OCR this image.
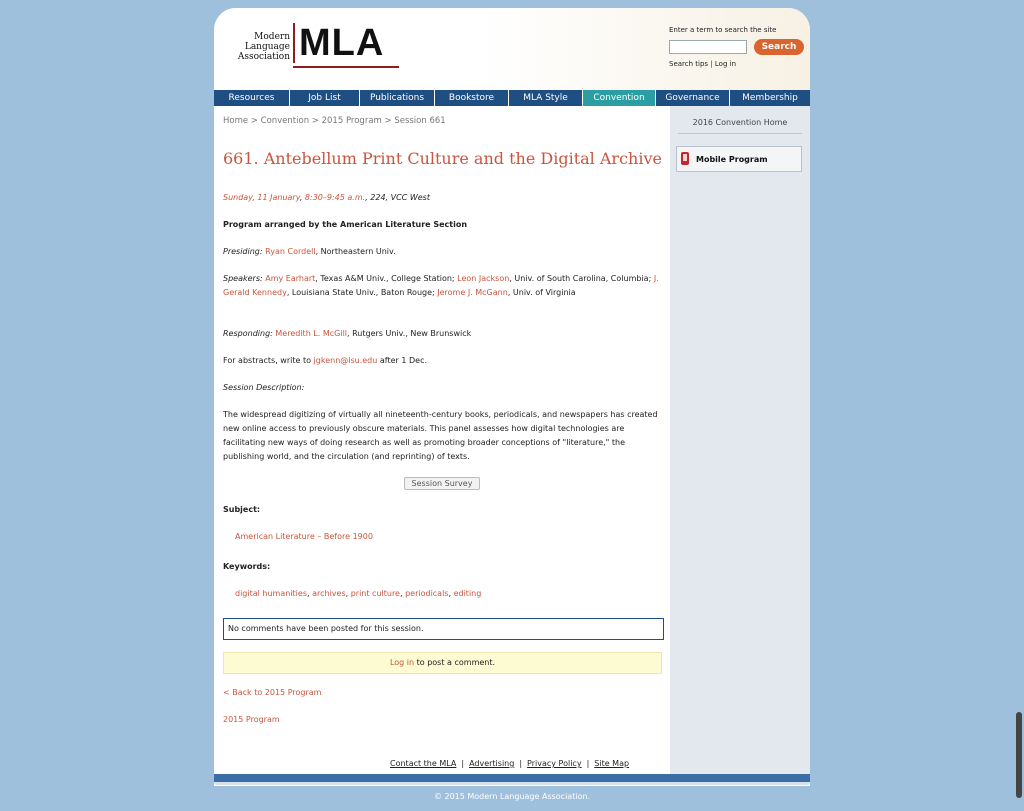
Modern
Language
Association MLA	Enter a term to search the site
Search
Search tips | Log in
Resources	Job List	Publications	Bookstore	MLA Style	Convention	Governance	Membership
Home > Convention > 2015 Program > Session 661
661. Antebellum Print Culture and the Digital Archive
Sunday, 11 January, 8:30–9:45 a.m., 224, VCC West
Program arranged by the American Literature Section
Presiding: Ryan Cordell, Northeastern Univ.
Speakers: Amy Earhart, Texas A&M Univ., College Station; Leon Jackson, Univ. of South Carolina, Columbia; J. Gerald Kennedy, Louisiana State Univ., Baton Rouge; Jerome J. McGann, Univ. of Virginia
Responding: Meredith L. McGill, Rutgers Univ., New Brunswick
For abstracts, write to jgkenn@lsu.edu after 1 Dec.
Session Description:
The widespread digitizing of virtually all nineteenth-century books, periodicals, and newspapers has created new online access to previously obscure materials. This panel assesses how digital technologies are facilitating new ways of doing research as well as promoting broader conceptions of "literature," the publishing world, and the circulation (and reprinting) of texts.
Session Survey
Subject:
American Literature – Before 1900
Keywords:
digital humanities, archives, print culture, periodicals, editing
No comments have been posted for this session.
Log in to post a comment.
< Back to 2015 Program
2015 Program
2016 Convention Home
Mobile Program
Contact the MLA | Advertising | Privacy Policy | Site Map
© 2015 Modern Language Association.
